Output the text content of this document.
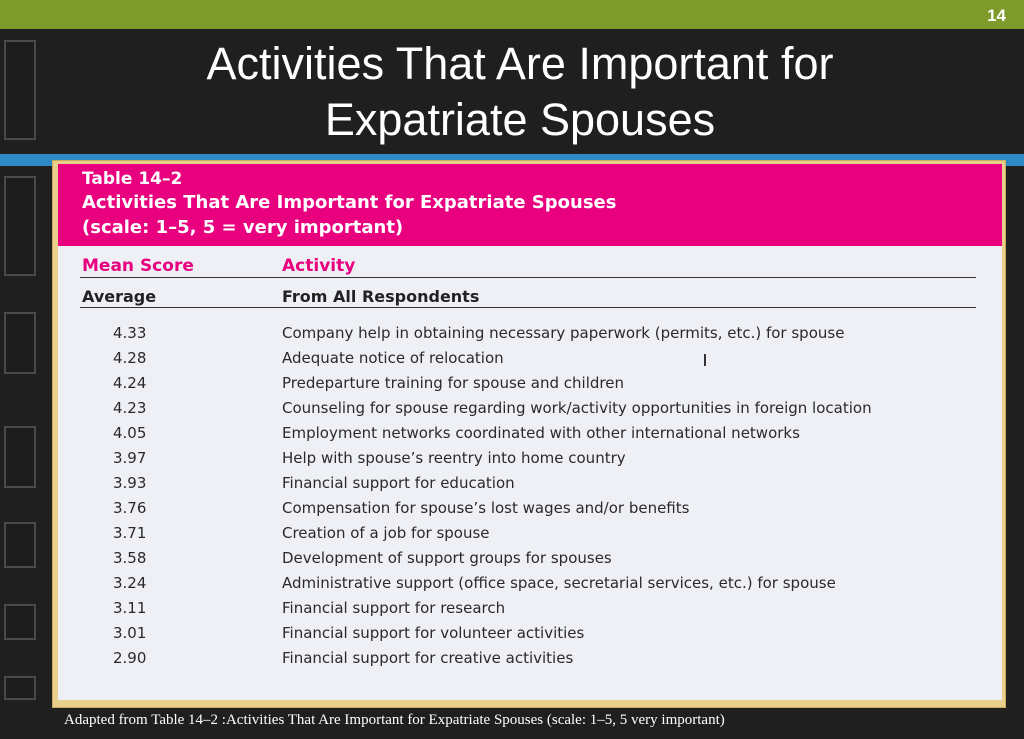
14
Activities That Are Important for
Expatriate Spouses
Table 14–2
Activities That Are Important for Expatriate Spouses
(scale: 1–5, 5 = very important)
Mean Score	Activity
Average	From All Respondents
4.33	Company help in obtaining necessary paperwork (permits, etc.) for spouse
4.28	Adequate notice of relocation
4.24	Predeparture training for spouse and children
4.23	Counseling for spouse regarding work/activity opportunities in foreign location
4.05	Employment networks coordinated with other international networks
3.97	Help with spouse’s reentry into home country
3.93	Financial support for education
3.76	Compensation for spouse’s lost wages and/or benefits
3.71	Creation of a job for spouse
3.58	Development of support groups for spouses
3.24	Administrative support (office space, secretarial services, etc.) for spouse
3.11	Financial support for research
3.01	Financial support for volunteer activities
2.90	Financial support for creative activities
Adapted from Table 14–2 :Activities That Are Important for Expatriate Spouses (scale: 1–5, 5 very important)
